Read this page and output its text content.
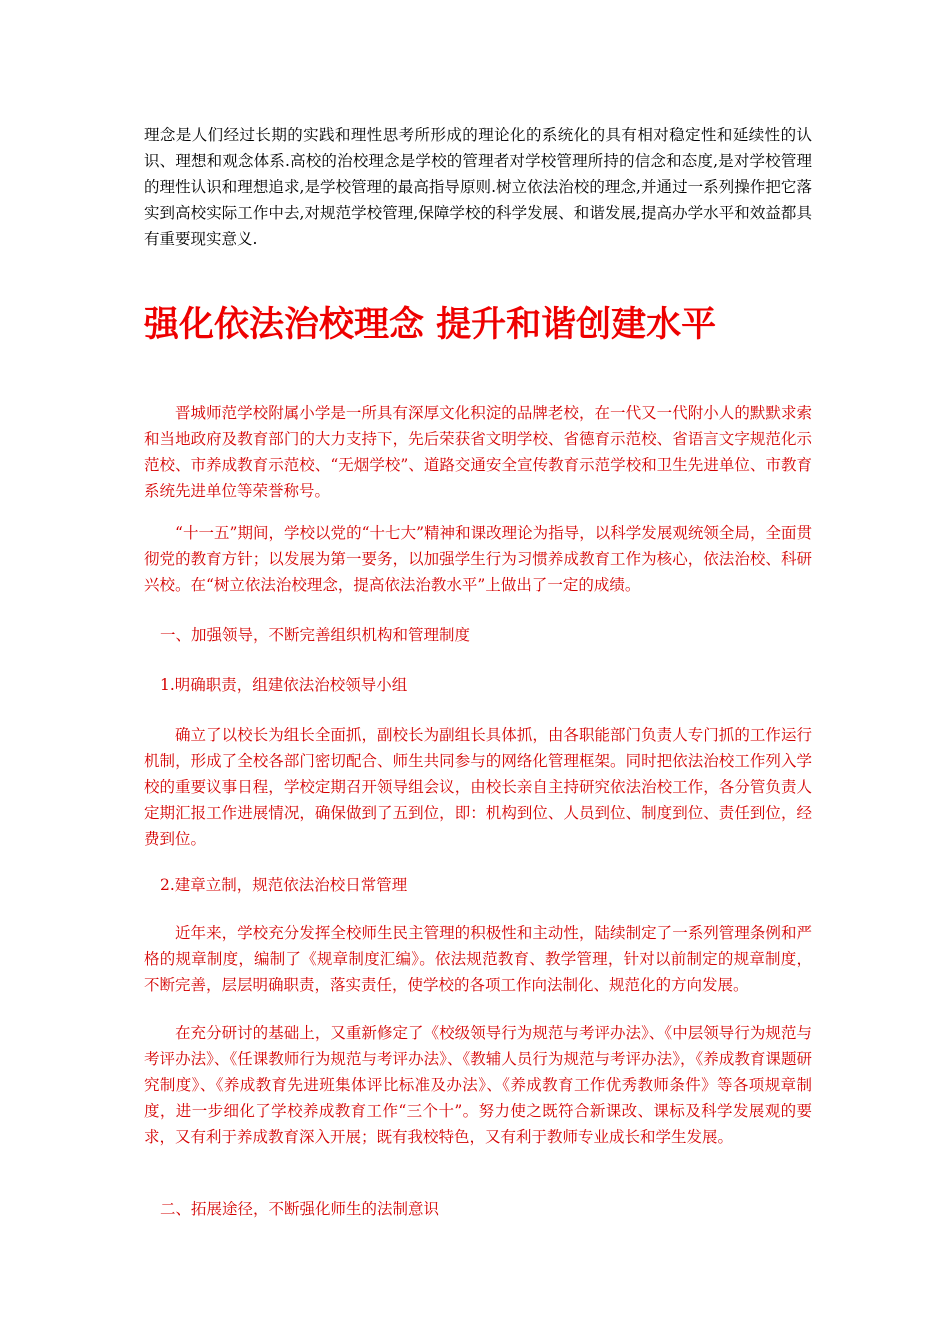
理念是人们经过长期的实践和理性思考所形成的理论化的系统化的具有相对稳定性和延续性的认识、理想和观念体系.高校的治校理念是学校的管理者对学校管理所持的信念和态度,是对学校管理的理性认识和理想追求,是学校管理的最高指导原则.树立依法治校的理念,并通过一系列操作把它落实到高校实际工作中去,对规范学校管理,保障学校的科学发展、和谐发展,提高办学水平和效益都具有重要现实意义.

强化依法治校理念 提升和谐创建水平

晋城师范学校附属小学是一所具有深厚文化积淀的品牌老校，在一代又一代附小人的默默求索和当地政府及教育部门的大力支持下，先后荣获省文明学校、省德育示范校、省语言文字规范化示范校、市养成教育示范校、“无烟学校”、道路交通安全宣传教育示范学校和卫生先进单位、市教育系统先进单位等荣誉称号。

“十一五”期间，学校以党的“十七大”精神和课改理论为指导，以科学发展观统领全局，全面贯彻党的教育方针；以发展为第一要务，以加强学生行为习惯养成教育工作为核心，依法治校、科研兴校。在“树立依法治校理念，提高依法治教水平”上做出了一定的成绩。

一、加强领导，不断完善组织机构和管理制度

1.明确职责，组建依法治校领导小组

确立了以校长为组长全面抓，副校长为副组长具体抓，由各职能部门负责人专门抓的工作运行机制，形成了全校各部门密切配合、师生共同参与的网络化管理框架。同时把依法治校工作列入学校的重要议事日程，学校定期召开领导组会议，由校长亲自主持研究依法治校工作，各分管负责人定期汇报工作进展情况，确保做到了五到位，即：机构到位、人员到位、制度到位、责任到位，经费到位。

2.建章立制，规范依法治校日常管理

近年来，学校充分发挥全校师生民主管理的积极性和主动性，陆续制定了一系列管理条例和严格的规章制度，编制了《规章制度汇编》。依法规范教育、教学管理，针对以前制定的规章制度，不断完善，层层明确职责，落实责任，使学校的各项工作向法制化、规范化的方向发展。

在充分研讨的基础上，又重新修定了《校级领导行为规范与考评办法》、《中层领导行为规范与考评办法》、《任课教师行为规范与考评办法》、《教辅人员行为规范与考评办法》，《养成教育课题研究制度》、《养成教育先进班集体评比标准及办法》、《养成教育工作优秀教师条件》等各项规章制度，进一步细化了学校养成教育工作“三个十”。努力使之既符合新课改、课标及科学发展观的要求，又有利于养成教育深入开展；既有我校特色，又有利于教师专业成长和学生发展。

二、拓展途径，不断强化师生的法制意识
